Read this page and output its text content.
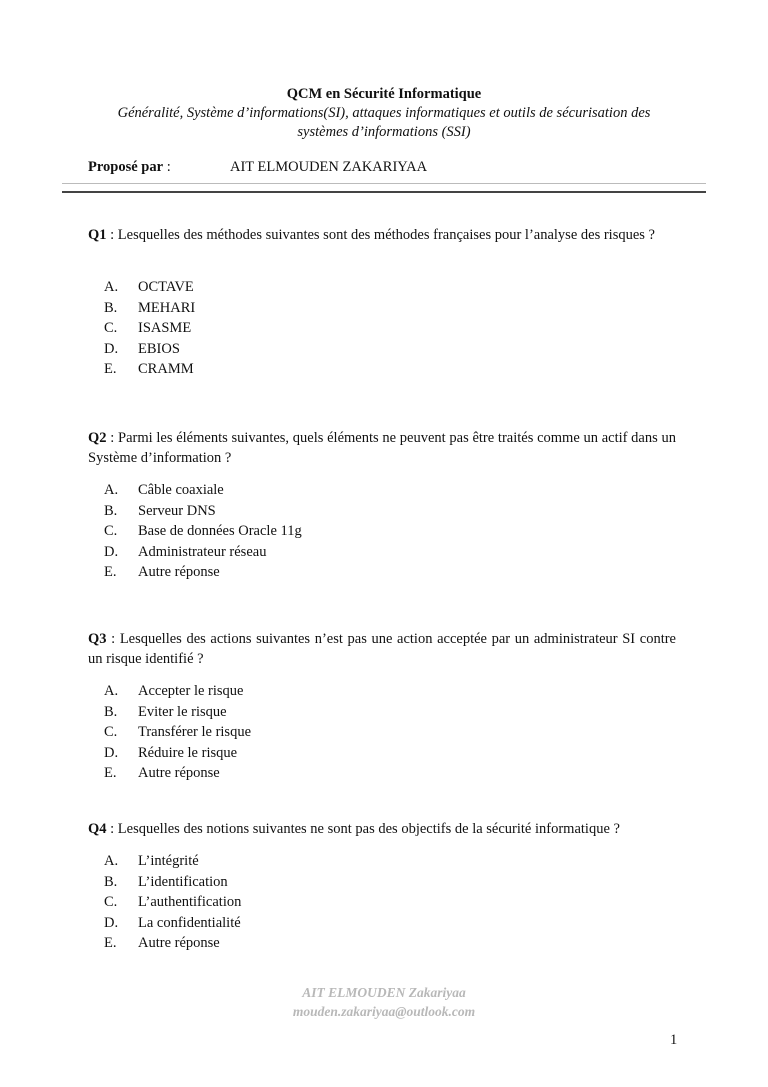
QCM en Sécurité Informatique
Généralité, Système d’informations(SI), attaques informatiques et outils de sécurisation des
systèmes d’informations (SSI)
Proposé par :	AIT ELMOUDEN ZAKARIYAA
Q1 : Lesquelles des méthodes suivantes sont des méthodes françaises pour l’analyse des risques ?
A. OCTAVE
B. MEHARI
C. ISASME
D. EBIOS
E. CRAMM
Q2 : Parmi les éléments suivantes, quels éléments ne peuvent pas être traités comme un actif dans un Système d’information ?
A. Câble coaxiale
B. Serveur DNS
C. Base de données Oracle 11g
D. Administrateur réseau
E. Autre réponse
Q3 : Lesquelles des actions suivantes n’est pas une action acceptée par un administrateur SI contre un risque identifié ?
A. Accepter le risque
B. Eviter le risque
C. Transférer le risque
D. Réduire le risque
E. Autre réponse
Q4 : Lesquelles des notions suivantes ne sont pas des objectifs de la sécurité informatique ?
A. L’intégrité
B. L’identification
C. L’authentification
D. La confidentialité
E. Autre réponse
AIT ELMOUDEN Zakariyaa
mouden.zakariyaa@outlook.com
1
